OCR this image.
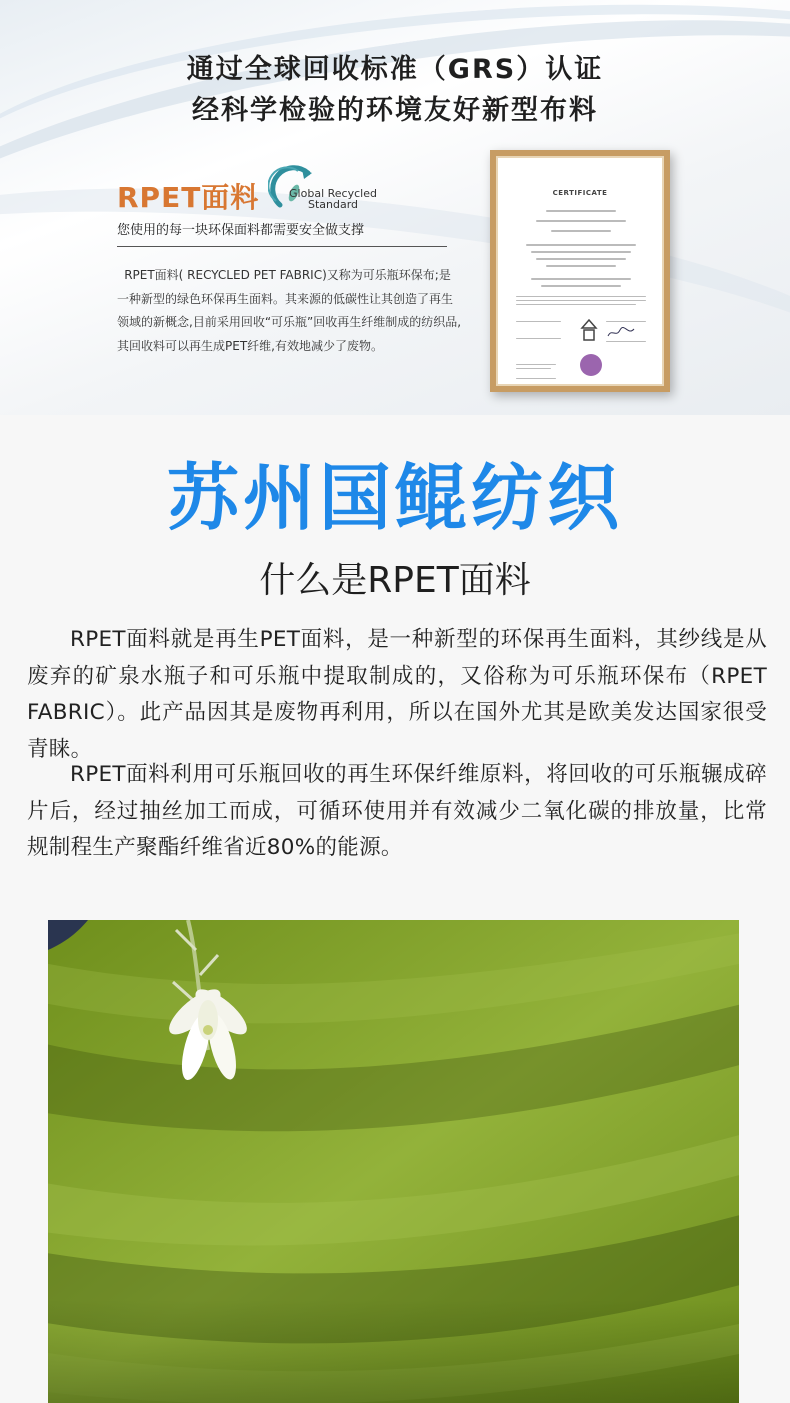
通过全球回收标准（GRS）认证
经科学检验的环境友好新型布料
RPET面料	Global Recycled Standard
您使用的每一块环保面料都需要安全做支撑
RPET面料( RECYCLED PET FABRIC)又称为可乐瓶环保布;是一种新型的绿色环保再生面料。其来源的低碳性让其创造了再生领域的新概念,目前采用回收“可乐瓶”回收再生纤维制成的纺织品,其回收料可以再生成PET纤维,有效地减少了废物。
CERTIFICATE
苏州国鲲纺织
什么是RPET面料

RPET面料就是再生PET面料，是一种新型的环保再生面料，其纱线是从废弃的矿泉水瓶子和可乐瓶中提取制成的，又俗称为可乐瓶环保布（RPET FABRIC）。此产品因其是废物再利用，所以在国外尤其是欧美发达国家很受青睐。

RPET面料利用可乐瓶回收的再生环保纤维原料，将回收的可乐瓶辗成碎片后，经过抽丝加工而成，可循环使用并有效减少二氧化碳的排放量，比常规制程生产聚酯纤维省近80%的能源。
